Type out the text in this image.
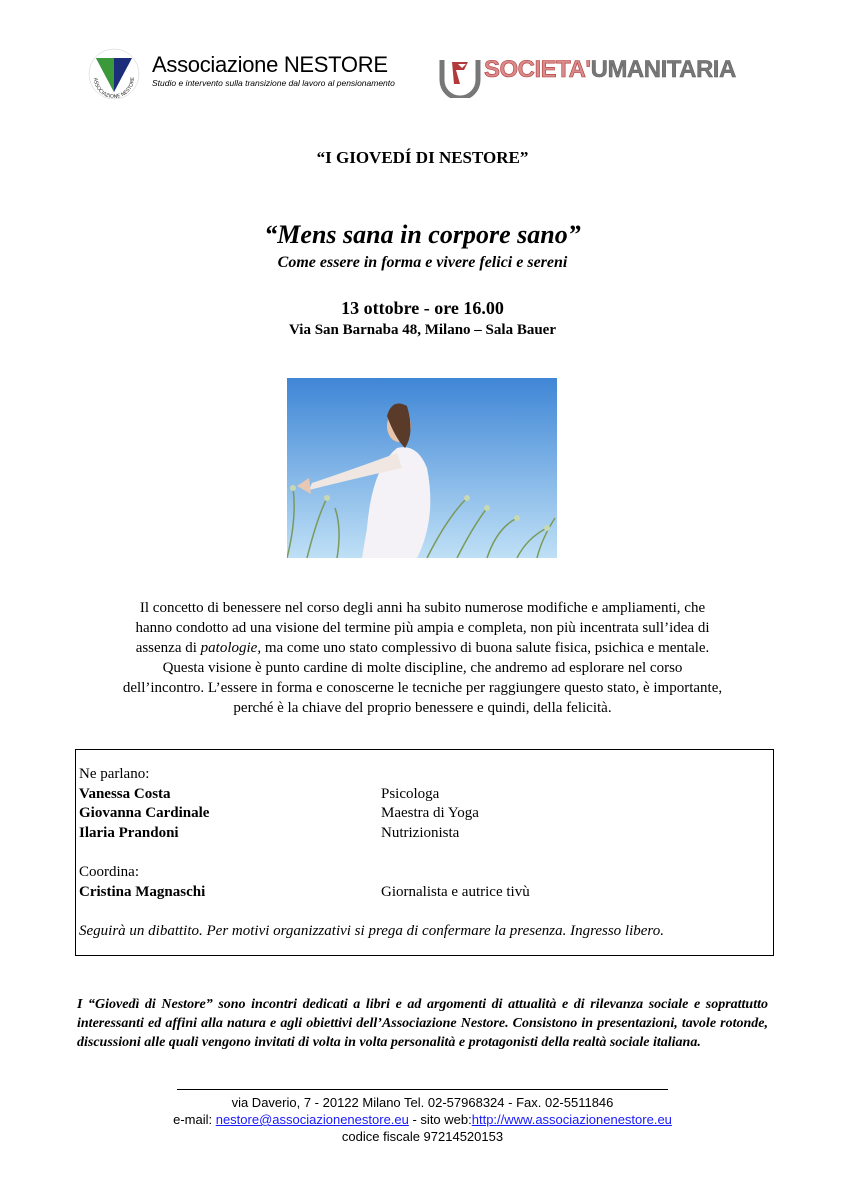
ASSOCIAZIONE NESTORE
Associazione NESTORE
Studio e intervento sulla transizione dal lavoro al pensionamento	SOCIETA'UMANITARIA
“I GIOVEDÍ DI NESTORE”
“Mens sana in corpore sano”
Come essere in forma e vivere felici e sereni
13 ottobre - ore 16.00
Via San Barnaba 48, Milano – Sala Bauer
Il concetto di benessere nel corso degli anni ha subito numerose modifiche e ampliamenti, che
hanno condotto ad una visione del termine più ampia e completa, non più incentrata sull’idea di
assenza di patologie, ma come uno stato complessivo di buona salute fisica, psichica e mentale.
Questa visione è punto cardine di molte discipline, che andremo ad esplorare nel corso
dell’incontro. L’essere in forma e conoscerne le tecniche per raggiungere questo stato, è importante,
perché è la chiave del proprio benessere e quindi, della felicità.
Ne parlano:
Vanessa Costa	Psicologa
Giovanna Cardinale	Maestra di Yoga
Ilaria Prandoni	Nutrizionista
Coordina:
Cristina Magnaschi	Giornalista e autrice tivù
Seguirà un dibattito. Per motivi organizzativi si prega di confermare la presenza. Ingresso libero.
I “Giovedì di Nestore” sono incontri dedicati a libri e ad argomenti di attualità e di rilevanza sociale e soprattutto interessanti ed affini alla natura e agli obiettivi dell’Associazione Nestore. Consistono in presentazioni, tavole rotonde, discussioni alle quali vengono invitati di volta in volta personalità e protagonisti della realtà sociale italiana.
via Daverio, 7 - 20122 Milano Tel. 02-57968324 - Fax. 02-5511846
e-mail: nestore@associazionenestore.eu - sito web:http://www.associazionenestore.eu
codice fiscale 97214520153
